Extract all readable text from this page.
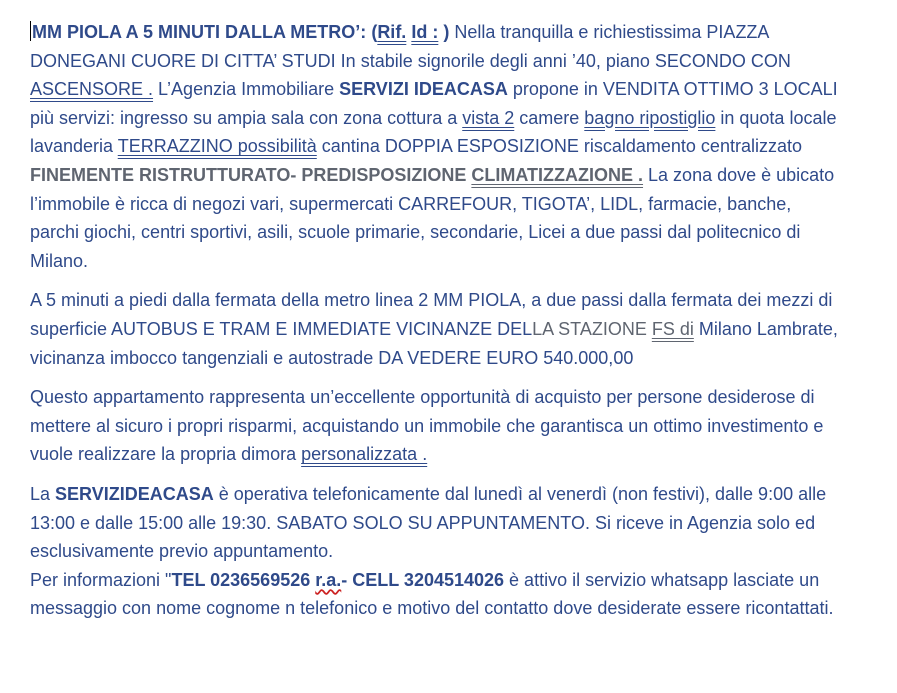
MM PIOLA A 5 MINUTI DALLA METRO’: (Rif. Id : ) Nella tranquilla e richiestissima PIAZZA DONEGANI CUORE DI CITTA’ STUDI In stabile signorile degli anni ’40, piano SECONDO CON ASCENSORE . L’Agenzia Immobiliare SERVIZI IDEACASA propone in VENDITA OTTIMO 3 LOCALI più servizi: ingresso su ampia sala con zona cottura a vista 2 camere bagno ripostiglio in quota locale lavanderia TERRAZZINO possibilità cantina DOPPIA ESPOSIZIONE riscaldamento centralizzato FINEMENTE RISTRUTTURATO- PREDISPOSIZIONE CLIMATIZZAZIONE . La zona dove è ubicato l’immobile è ricca di negozi vari, supermercati CARREFOUR, TIGOTA’, LIDL, farmacie, banche, parchi giochi, centri sportivi, asili, scuole primarie, secondarie, Licei a due passi dal politecnico di Milano.

A 5 minuti a piedi dalla fermata della metro linea 2 MM PIOLA, a due passi dalla fermata dei mezzi di superficie AUTOBUS E TRAM E IMMEDIATE VICINANZE DELLA STAZIONE FS di Milano Lambrate, vicinanza imbocco tangenziali e autostrade DA VEDERE EURO 540.000,00

Questo appartamento rappresenta un’eccellente opportunità di acquisto per persone desiderose di mettere al sicuro i propri risparmi, acquistando un immobile che garantisca un ottimo investimento e vuole realizzare la propria dimora personalizzata .

La SERVIZIDEACASA è operativa telefonicamente dal lunedì al venerdì (non festivi), dalle 9:00 alle 13:00 e dalle 15:00 alle 19:30. SABATO SOLO SU APPUNTAMENTO. Si riceve in Agenzia solo ed esclusivamente previo appuntamento.
Per informazioni "TEL 0236569526 r.a.- CELL 3204514026 è attivo il servizio whatsapp lasciate un messaggio con nome cognome n telefonico e motivo del contatto dove desiderate essere ricontattati.
